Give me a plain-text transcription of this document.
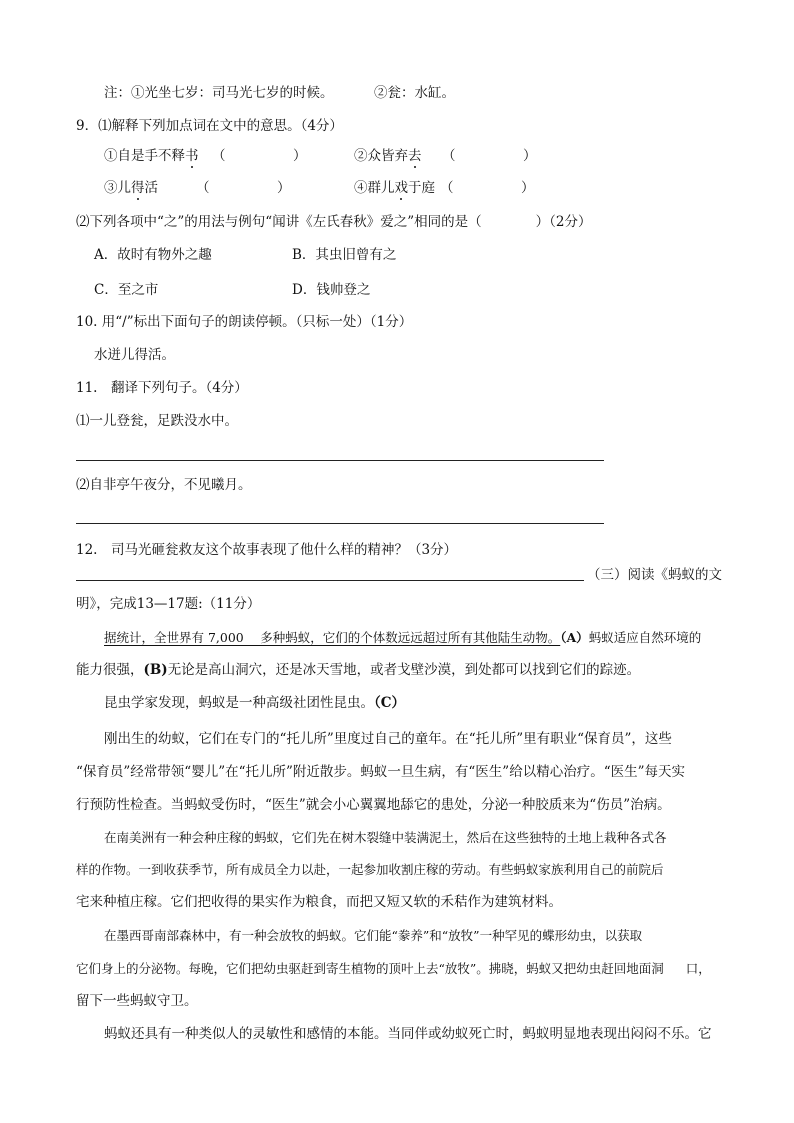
注：①光坐七岁：司马光七岁的时候。	②瓮：水缸。
9．⑴解释下列加点词在文中的意思。（4分）
①自是手不释书 （　　　　　）	②众皆弃去 （　　　　　）
③儿得活	（　　　　　）	④群儿戏于庭 （　　　　　）
⑵下列各项中“之”的用法与例句“闻讲《左氏春秋》爱之”相同的是（　　　　）（2分）
A．故时有物外之趣	B．其虫旧曾有之
C．至之市	D．钱帅登之
10. 用“/”标出下面句子的朗读停顿。（只标一处）（1分）
水迸儿得活。
11.　翻译下列句子。（4分）
⑴一儿登瓮，足跌没水中。
⑵自非亭午夜分，不见曦月。
12.　司马光砸瓮救友这个故事表现了他什么样的精神？（3分）
（三）阅读《蚂蚁的文
明》，完成13—17题:（11分）
据统计，全世界有 7,000　 多种蚂蚁，它们的个体数远远超过所有其他陆生动物。（A）蚂蚁适应自然环境的
能力很强，(B)无论是高山洞穴，还是冰天雪地，或者戈壁沙漠，到处都可以找到它们的踪迹。
昆虫学家发现，蚂蚁是一种高级社团性昆虫。（C）
刚出生的幼蚁，它们在专门的“托儿所”里度过自己的童年。在“托儿所”里有职业“保育员”，这些
“保育员”经常带领“婴儿”在“托儿所”附近散步。蚂蚁一旦生病，有“医生”给以精心治疗。“医生”每天实
行预防性检查。当蚂蚁受伤时，“医生”就会小心翼翼地舔它的患处，分泌一种胶质来为“伤员”治病。
在南美洲有一种会种庄稼的蚂蚁，它们先在树木裂缝中装满泥土，然后在这些独特的土地上栽种各式各
样的作物。一到收获季节，所有成员全力以赴，一起参加收割庄稼的劳动。有些蚂蚁家族利用自己的前院后
宅来种植庄稼。它们把收得的果实作为粮食，而把又短又软的禾秸作为建筑材料。
在墨西哥南部森林中，有一种会放牧的蚂蚁。它们能“豢养”和“放牧”一种罕见的蝶形幼虫，以获取
它们身上的分泌物。每晚，它们把幼虫驱赶到寄生植物的顶叶上去“放牧”。拂晓，蚂蚁又把幼虫赶回地面洞 口，
留下一些蚂蚁守卫。
蚂蚁还具有一种类似人的灵敏性和感情的本能。当同伴或幼蚁死亡时，蚂蚁明显地表现出闷闷不乐。它
